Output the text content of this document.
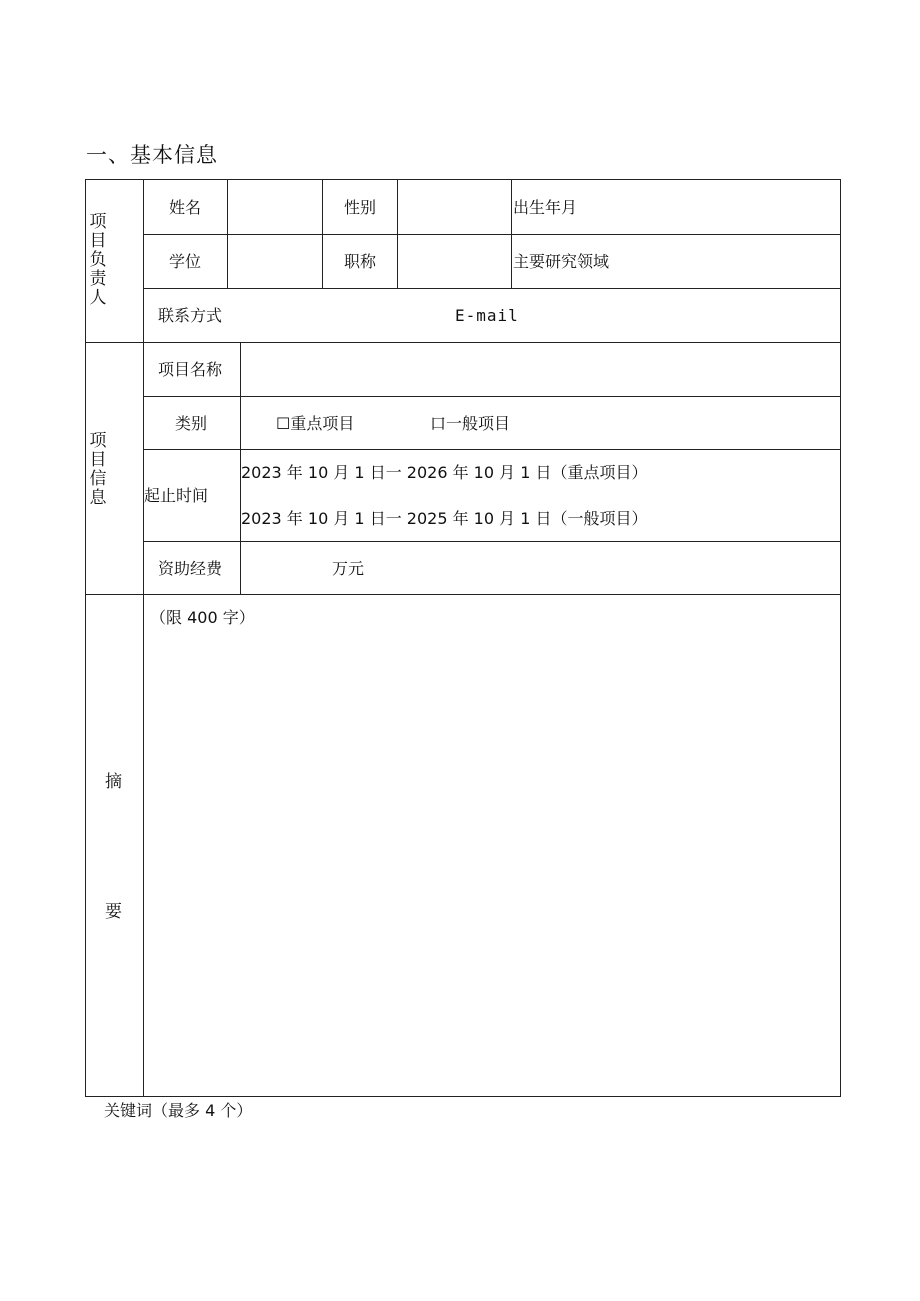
一、基本信息
项
目
负
责
人
姓名	性别	出生年月
学位	职称	主要研究领域
联系方式	E-mail
项
目
信
息
项目名称
类别	☐重点项目	口一般项目
起止时间
2023 年 10 月 1 日一 2026 年 10 月 1 日（重点项目）
2023 年 10 月 1 日一 2025 年 10 月 1 日（一般项目）
资助经费	万元
摘
要
（限 400 字）
关键词（最多 4 个）
